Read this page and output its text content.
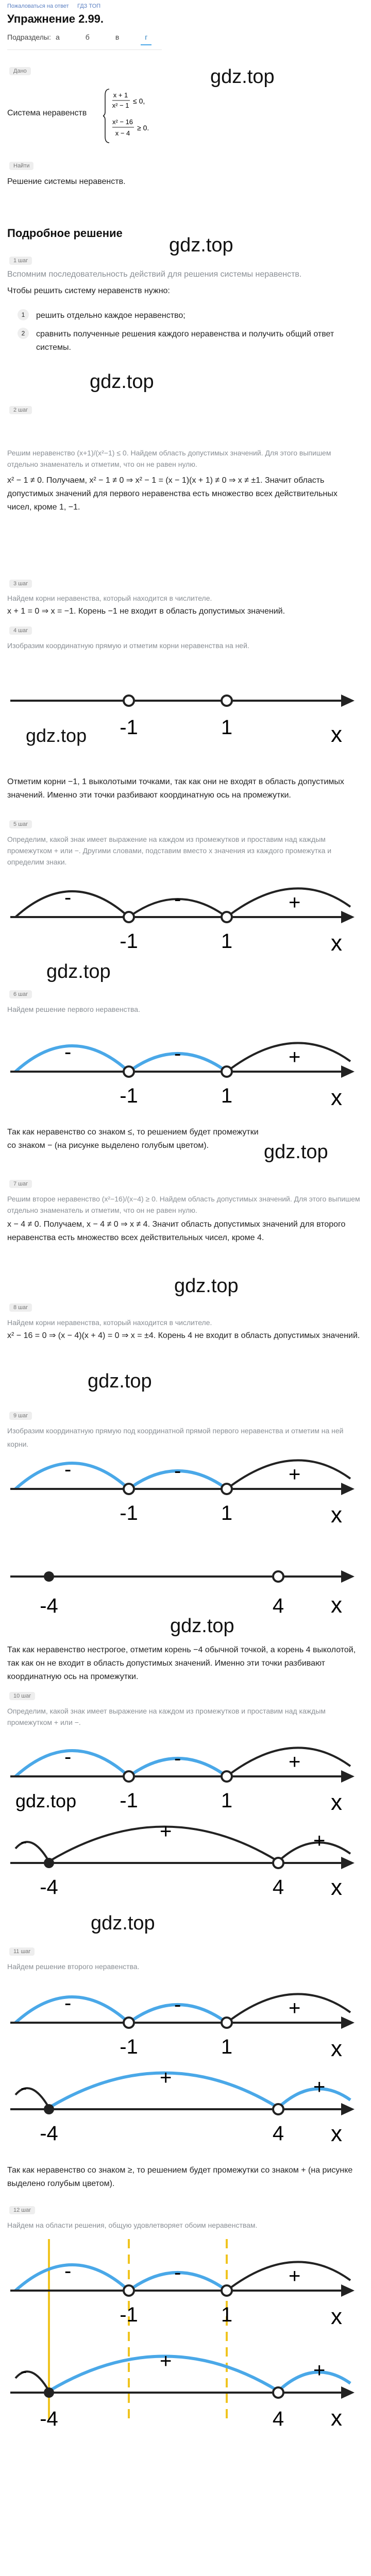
Пожаловаться на ответ ГДЗ ТОП
Упражнение 2.99.
Подразделы: а	б	в	г
Дано
Система неравенств
x + 1
x² − 1
≤ 0,
x² − 16
x − 4
≥ 0.
gdz.top
Найти
Решение системы неравенств.
Подробное решение
gdz.top
1 шаг
Вспомним последовательность действий для решения системы неравенств.
Чтобы решить систему неравенств нужно:
1	решить отдельно каждое неравенство;
2	сравнить полученные решения каждого неравенства и получить общий ответ системы.
gdz.top
2 шаг
Решим неравенство (x+1)/(x²−1) ≤ 0. Найдем область допустимых значений. Для этого выпишем отдельно знаменатель и отметим, что он не равен нулю.
x² − 1 ≠ 0. Получаем, x² − 1 ≠ 0 ⇒ x² − 1 = (x − 1)(x + 1) ≠ 0 ⇒ x ≠ ±1. Значит область допустимых значений для первого неравенства есть множество всех действительных чисел, кроме 1, −1.
3 шаг
Найдем корни неравенства, который находится в числителе.
x + 1 = 0 ⇒ x = −1. Корень −1 не входит в область допустимых значений.
4 шаг
Изобразим координатную прямую и отметим корни неравенства на ней.
gdz.top -1	1	x
Отметим корни −1, 1 выколотыми точками, так как они не входят в область допустимых значений. Именно эти точки разбивают координатную ось на промежутки.
5 шаг
Определим, какой знак имеет выражение на каждом из промежутков и проставим над каждым промежутком + или −. Другими словами, подставим вместо x значения из каждого промежутка и определим знаки.
-	-	+
-1	1	x
gdz.top
6 шаг
Найдем решение первого неравенства.
-	-	+
-1	1	x
Так как неравенство со знаком ≤, то решением будет промежутки со знаком − (на рисунке выделено голубым цветом).	gdz.top
7 шаг
Решим второе неравенство (x²−16)/(x−4) ≥ 0. Найдем область допустимых значений. Для этого выпишем отдельно знаменатель и отметим, что он не равен нулю.
x − 4 ≠ 0. Получаем, x − 4 ≠ 0 ⇒ x ≠ 4. Значит область допустимых значений для второго неравенства есть множество всех действительных чисел, кроме 4.
gdz.top
8 шаг
Найдем корни неравенства, который находится в числителе.
x² − 16 = 0 ⇒ (x − 4)(x + 4) = 0 ⇒ x = ±4. Корень 4 не входит в область допустимых значений.
gdz.top
9 шаг
Изобразим координатную прямую под координатной прямой первого неравенства и отметим на ней корни.
-	-	+
-1	1	x
-4	4 x
gdz.top
Так как неравенство нестрогое, отметим корень −4 обычной точкой, а корень 4 выколотой, так как он не входит в область допустимых значений. Именно эти точки разбивают координатную ось на промежутки.
10 шаг
Определим, какой знак имеет выражение на каждом из промежутков и проставим над каждым промежутком + или −.
-	-	+
gdz.top -1	1	x
-	+	+
-4	4 x
gdz.top
11 шаг
Найдем решение второго неравенства.
-	-	+
-1	1	x
-	+	+
-4	4 x
Так как неравенство со знаком ≥, то решением будет промежутки со знаком + (на рисунке выделено голубым цветом).
12 шаг
Найдем на области решения, общую удовлетворяет обоим неравенствам.
-	-	+
-1	1	x
-	+	+
-4	4 x
